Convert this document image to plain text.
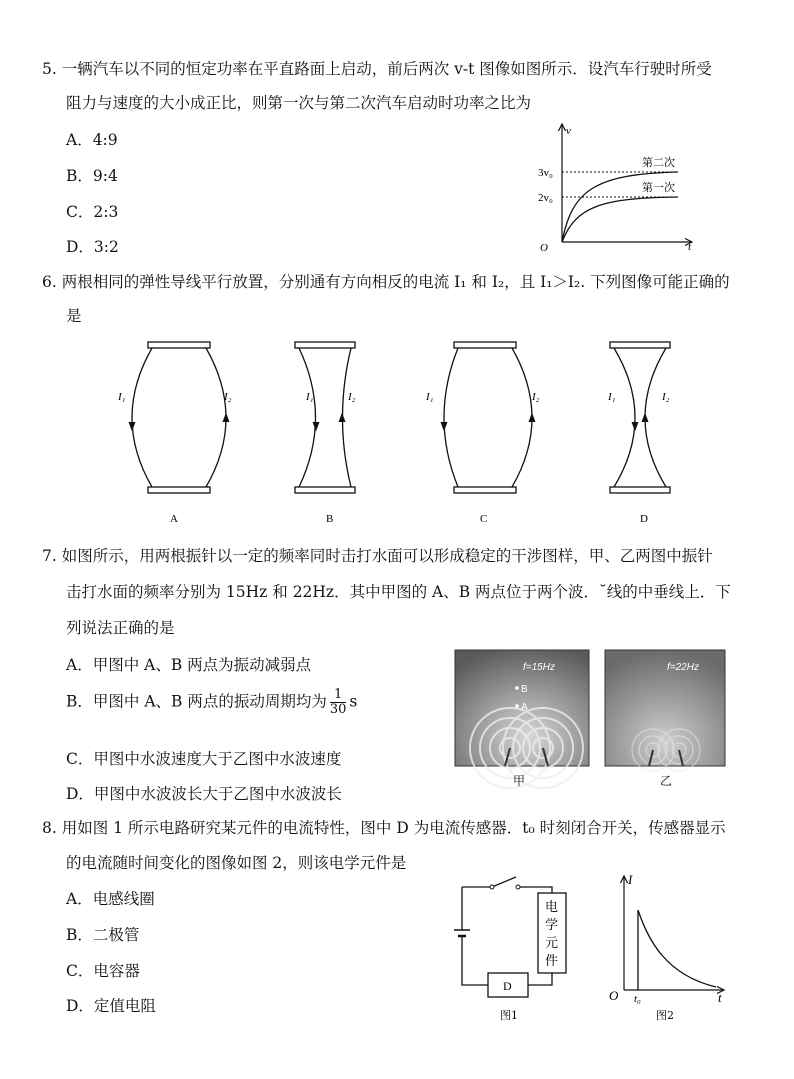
5. 一辆汽车以不同的恒定功率在平直路面上启动，前后两次 v-t 图像如图所示．设汽车行驶时所受
阻力与速度的大小成正比，则第一次与第二次汽车启动时功率之比为
A．4:9
B．9:4
C．2:3
D．3:2
v
t
O
3v₀
2v₀
第二次
第一次
6. 两根相同的弹性导线平行放置，分别通有方向相反的电流 I₁ 和 I₂，且 I₁＞I₂. 下列图像可能正确的
是
I₁	I₂
A
I₁	I₂
B
I₁	I₂
C
I₁	I₂
D
7. 如图所示，用两根振针以一定的频率同时击打水面可以形成稳定的干涉图样，甲、乙两图中振针
击打水面的频率分别为 15Hz 和 22Hz．其中甲图的 A、B 两点位于两个波．˘线的中垂线上．下
列说法正确的是
A．甲图中 A、B 两点为振动减弱点
B．甲图中 A、B 两点的振动周期均为 $\frac{1}{30}$ s
C．甲图中水波速度大于乙图中水波速度
D．甲图中水波波长大于乙图中水波波长
B
A
f=15Hz
甲
f=22Hz
乙
8. 用如图 1 所示电路研究某元件的电流特性，图中 D 为电流传感器．t₀ 时刻闭合开关，传感器显示
的电流随时间变化的图像如图 2，则该电学元件是
A．电感线圈
B．二极管
C．电容器
D．定值电阻
D
电
学
元
件
图1
I
t
O t₀
图2
